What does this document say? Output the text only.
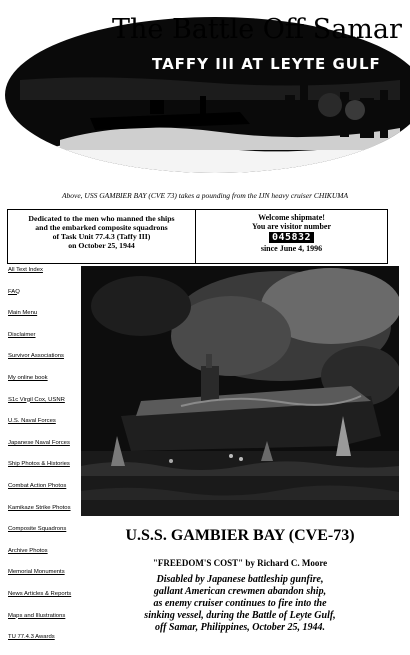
The Battle Off Samar
TAFFY III AT LEYTE GULF
Above, USS GAMBIER BAY (CVE 73) takes a pounding from the IJN heavy cruiser CHIKUMA
Dedicated to the men who manned the ships
and the embarked composite squadrons
of Task Unit 77.4.3 (Taffy III)
on October 25, 1944
Welcome shipmate!
You are visitor number
045832
since June 4, 1996
All Text Index
FAQ
Main Menu
Disclaimer
Survivor Associations
My online book
S1c Virgil Cox, USNR
U.S. Naval Forces
Japanese Naval Forces
Ship Photos & Histories
Combat Action Photos
Kamikaze Strike Photos
Composite Squadrons
Archive Photos
Memorial Monuments
News Articles & Reports
Maps and Illustrations
TU 77.4.3 Awards
U.S.S. GAMBIER BAY (CVE-73)
"FREEDOM'S COST" by Richard C. Moore
Disabled by Japanese battleship gunfire,
gallant American crewmen abandon ship,
as enemy cruiser continues to fire into the
sinking vessel, during the Battle of Leyte Gulf,
off Samar, Philippines, October 25, 1944.
